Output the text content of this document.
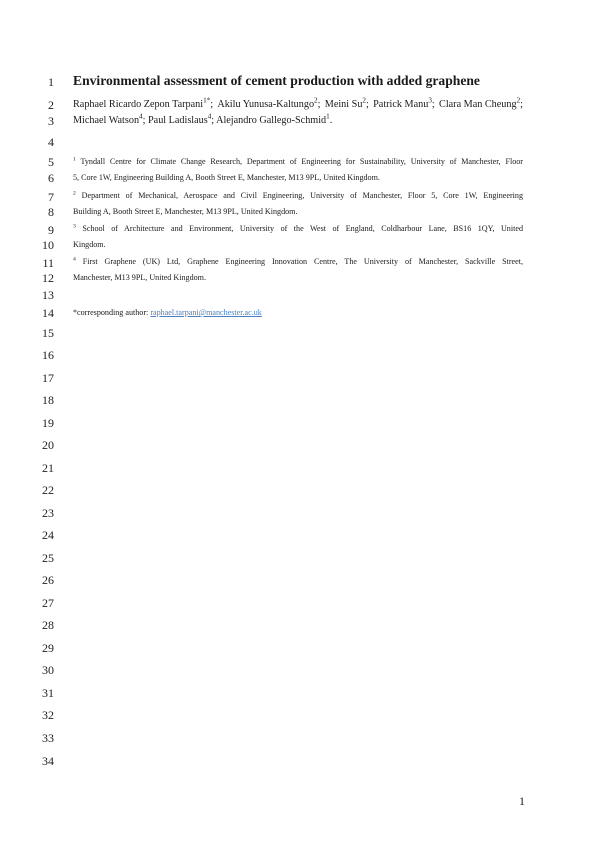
1
2
3
4
5
6
7
8
9
10
11
12
13
14
15
16
17
18
19
20
21
22
23
24
25
26
27
28
29
30
31
32
33
34
Environmental assessment of cement production with added graphene
Raphael Ricardo Zepon Tarpani$^{1*}$; Akilu Yunusa-Kaltungo$^2$; Meini Su$^2$; Patrick Manu$^3$; Clara Man Cheung$^2$;
Michael Watson$^4$; Paul Ladislaus$^4$; Alejandro Gallego-Schmid$^1$.
$^1$ Tyndall Centre for Climate Change Research, Department of Engineering for Sustainability, University of Manchester, Floor
5, Core 1W, Engineering Building A, Booth Street E, Manchester, M13 9PL, United Kingdom.
$^2$ Department of Mechanical, Aerospace and Civil Engineering, University of Manchester, Floor 5, Core 1W, Engineering
Building A, Booth Street E, Manchester, M13 9PL, United Kingdom.
$^3$ School of Architecture and Environment, University of the West of England, Coldharbour Lane, BS16 1QY, United
Kingdom.
$^4$ First Graphene (UK) Ltd, Graphene Engineering Innovation Centre, The University of Manchester, Sackville Street,
Manchester, M13 9PL, United Kingdom.
*corresponding author: raphael.tarpani@manchester.ac.uk
1
